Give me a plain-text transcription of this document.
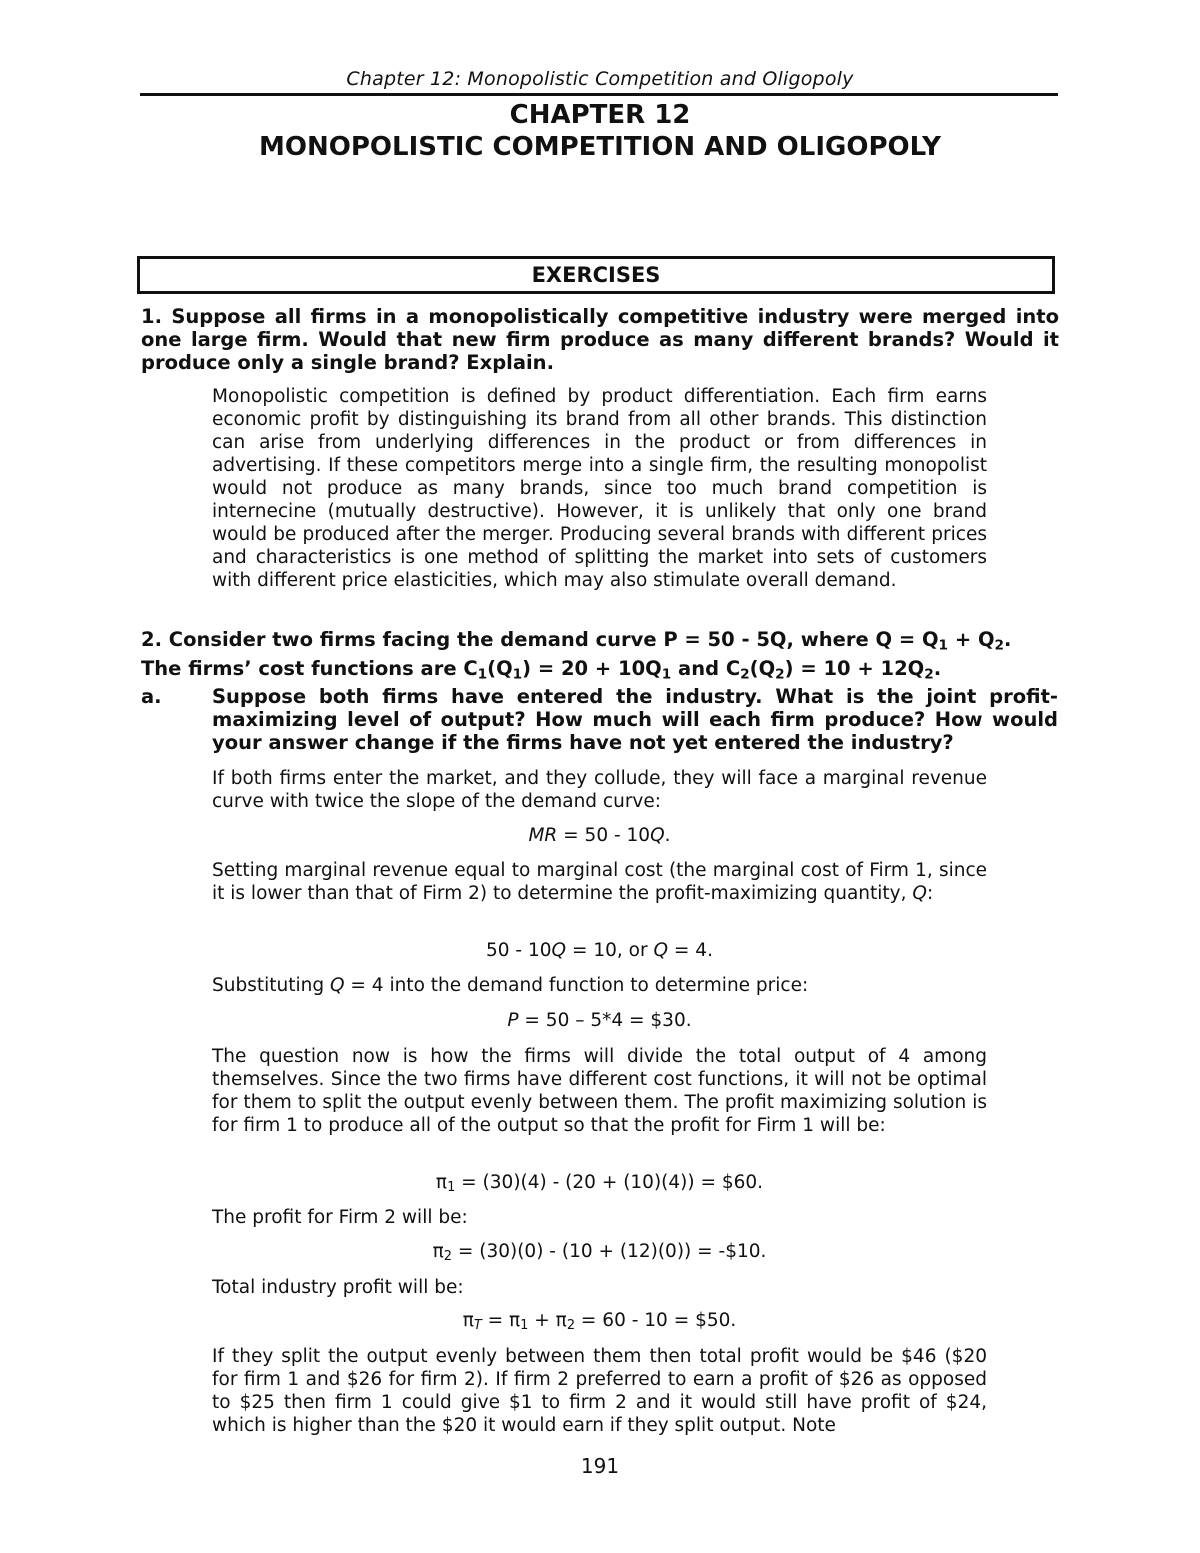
Chapter 12: Monopolistic Competition and Oligopoly
CHAPTER 12
MONOPOLISTIC COMPETITION AND OLIGOPOLY
EXERCISES
1. Suppose all firms in a monopolistically competitive industry were merged into one large firm. Would that new firm produce as many different brands? Would it produce only a single brand? Explain.
Monopolistic competition is defined by product differentiation. Each firm earns economic profit by distinguishing its brand from all other brands. This distinction can arise from underlying differences in the product or from differences in advertising. If these competitors merge into a single firm, the resulting monopolist would not produce as many brands, since too much brand competition is internecine (mutually destructive). However, it is unlikely that only one brand would be produced after the merger. Producing several brands with different prices and characteristics is one method of splitting the market into sets of customers with different price elasticities, which may also stimulate overall demand.
2. Consider two firms facing the demand curve P = 50 - 5Q, where $Q = Q_1 + Q_2$.
The firms’ cost functions are $C_1(Q_1) = 20 + 10Q_1$ and $C_2(Q_2) = 10 + 12Q_2$.
a.	Suppose both firms have entered the industry. What is the joint profit-maximizing level of output? How much will each firm produce? How would your answer change if the firms have not yet entered the industry?
If both firms enter the market, and they collude, they will face a marginal revenue curve with twice the slope of the demand curve:
MR = 50 - 10Q.
Setting marginal revenue equal to marginal cost (the marginal cost of Firm 1, since it is lower than that of Firm 2) to determine the profit-maximizing quantity, Q:
50 - 10Q = 10, or Q = 4.
Substituting Q = 4 into the demand function to determine price:
P = 50 – 5*4 = $30.
The question now is how the firms will divide the total output of 4 among themselves. Since the two firms have different cost functions, it will not be optimal for them to split the output evenly between them. The profit maximizing solution is for firm 1 to produce all of the output so that the profit for Firm 1 will be:
$\pi_1 = (30)(4) - (20 + (10)(4))$ = $60.
The profit for Firm 2 will be:
$\pi_2 = (30)(0) - (10 + (12)(0))$ = -$10.
Total industry profit will be:
$\pi_T = \pi_1 + \pi_2 = 60 - 10$ = $50.
If they split the output evenly between them then total profit would be $46 ($20 for firm 1 and $26 for firm 2). If firm 2 preferred to earn a profit of $26 as opposed to $25 then firm 1 could give $1 to firm 2 and it would still have profit of $24, which is higher than the $20 it would earn if they split output. Note
191
